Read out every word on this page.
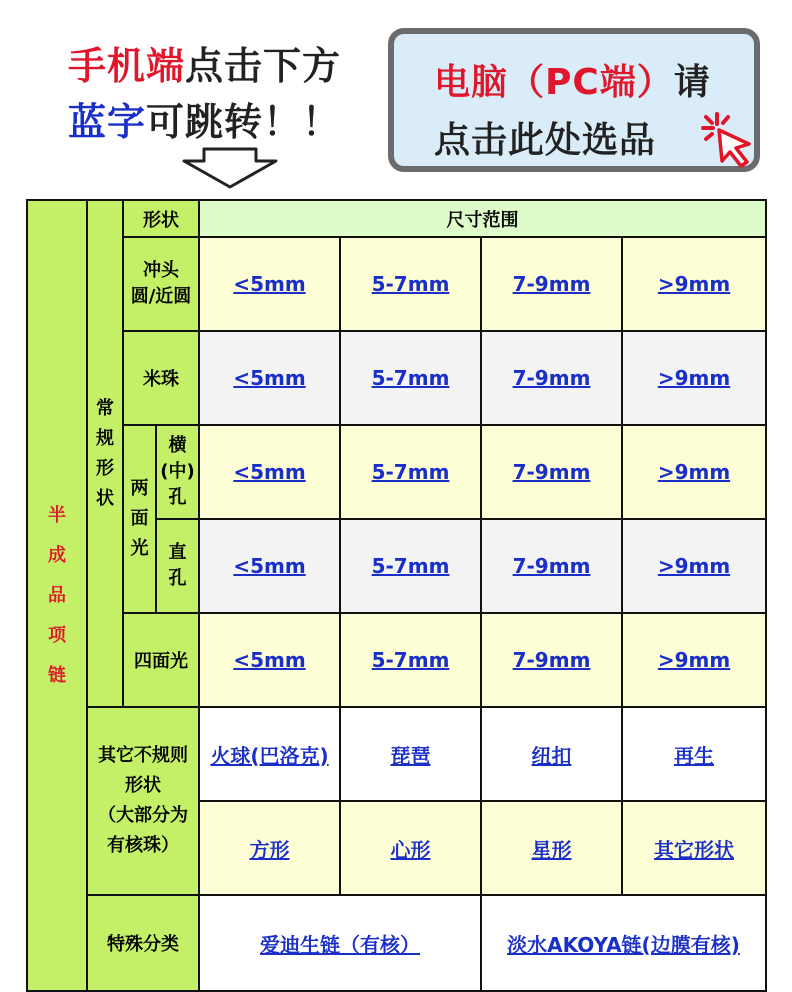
手机端点击下方
蓝字可跳转！！
电脑（PC端）请
点击此处选品
半
成
品
项
链	常
规
形
状	形状		尺寸范围			
		冲头
圆/近圆		<5mm	5-7mm	7-9mm	>9mm
		米珠		<5mm	5-7mm	7-9mm	>9mm
		两
面
光	横
(中)
孔	<5mm	5-7mm	7-9mm	>9mm
			直
孔	<5mm	5-7mm	7-9mm	>9mm
		四面光		<5mm	5-7mm	7-9mm	>9mm
	其它不规则
形状
（大部分为
有核珠）			火球(巴洛克)	琵琶	纽扣	再生
				方形	心形	星形	其它形状
	特殊分类			爱迪生链（有核）		淡水AKOYA链(边膜有核)	
